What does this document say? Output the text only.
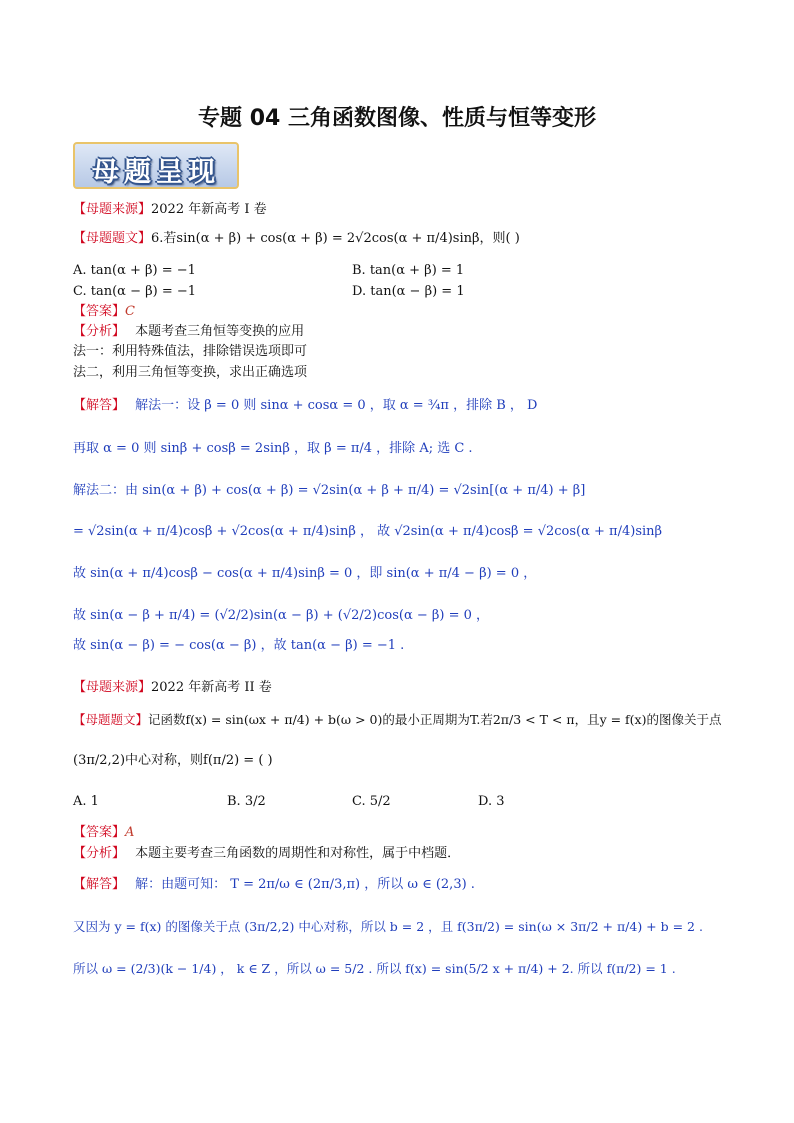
专题 04 三角函数图像、性质与恒等变形
母题呈现
【母题来源】2022 年新高考 I 卷
【母题题文】6.若sin(α + β) + cos(α + β) = 2√2cos(α + π/4)sinβ，则( )
A. tan(α + β) = −1	B. tan(α + β) = 1
C. tan(α − β) = −1	D. tan(α − β) = 1
【答案】C
【分析】 本题考查三角恒等变换的应用
法一：利用特殊值法，排除错误选项即可
法二，利用三角恒等变换，求出正确选项
【解答】 解法一：设 β = 0 则 sinα + cosα = 0 ，取 α = ¾π ，排除 B ， D
再取 α = 0 则 sinβ + cosβ = 2sinβ ，取 β = π/4 ，排除 A; 选 C .
解法二：由 sin(α + β) + cos(α + β) = √2sin(α + β + π/4) = √2sin[(α + π/4) + β]
= √2sin(α + π/4)cosβ + √2cos(α + π/4)sinβ ， 故 √2sin(α + π/4)cosβ = √2cos(α + π/4)sinβ
故 sin(α + π/4)cosβ − cos(α + π/4)sinβ = 0 ，即 sin(α + π/4 − β) = 0 ，
故 sin(α − β + π/4) = (√2/2)sin(α − β) + (√2/2)cos(α − β) = 0 ，
故 sin(α − β) = − cos(α − β) ，故 tan(α − β) = −1 .
【母题来源】2022 年新高考 II 卷
【母题题文】记函数f(x) = sin(ωx + π/4) + b(ω > 0)的最小正周期为T.若2π/3 < T < π，且y = f(x)的图像关于点
(3π/2,2)中心对称，则f(π/2) = ( )
A. 1	B. 3/2	C. 5/2	D. 3
【答案】A
【分析】 本题主要考查三角函数的周期性和对称性，属于中档题．
【解答】 解：由题可知： T = 2π/ω ∈ (2π/3,π) ，所以 ω ∈ (2,3) .
又因为 y = f(x) 的图像关于点 (3π/2,2) 中心对称，所以 b = 2 ，且 f(3π/2) = sin(ω × 3π/2 + π/4) + b = 2 .
所以 ω = (2/3)(k − 1/4) ， k ∈ Z ，所以 ω = 5/2 . 所以 f(x) = sin(5/2 x + π/4) + 2. 所以 f(π/2) = 1 .
